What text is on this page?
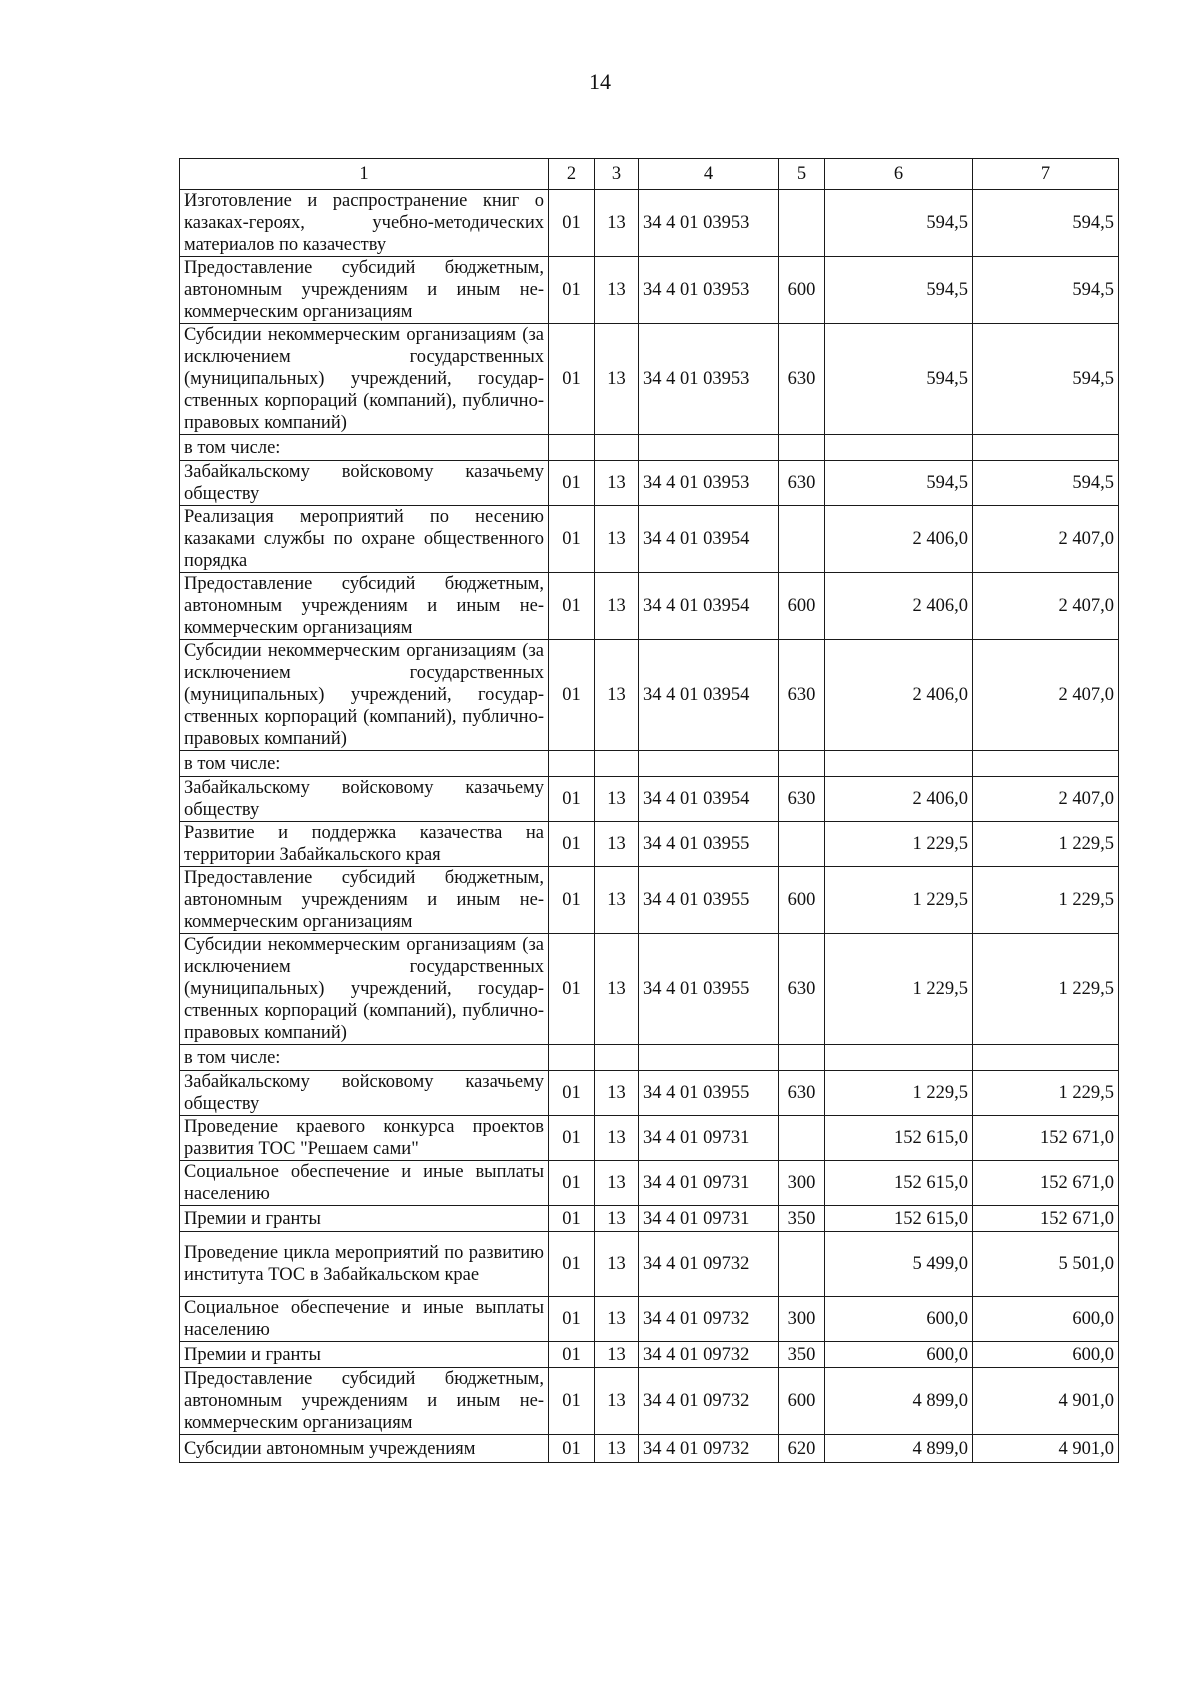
14
1	2	3	4	5	6	7
Изготовление и распространение книг о казаках-героях, учебно-методических материалов по казачеству	01	13	34 4 01 03953		594,5	594,5
Предоставление субсидий бюджетным, автономным учреждениям и иным некоммерческим организациям	01	13	34 4 01 03953	600	594,5	594,5
Субсидии некоммерческим организациям (за исключением государственных (муниципальных) учреждений, государственных корпораций (компаний), публично-правовых компаний)	01	13	34 4 01 03953	630	594,5	594,5
в том числе:						
Забайкальскому войсковому казачьему обществу	01	13	34 4 01 03953	630	594,5	594,5
Реализация мероприятий по несению казаками службы по охране общественного порядка	01	13	34 4 01 03954		2 406,0	2 407,0
Предоставление субсидий бюджетным, автономным учреждениям и иным некоммерческим организациям	01	13	34 4 01 03954	600	2 406,0	2 407,0
Субсидии некоммерческим организациям (за исключением государственных (муниципальных) учреждений, государственных корпораций (компаний), публично-правовых компаний)	01	13	34 4 01 03954	630	2 406,0	2 407,0
в том числе:						
Забайкальскому войсковому казачьему обществу	01	13	34 4 01 03954	630	2 406,0	2 407,0
Развитие и поддержка казачества на территории Забайкальского края	01	13	34 4 01 03955		1 229,5	1 229,5
Предоставление субсидий бюджетным, автономным учреждениям и иным некоммерческим организациям	01	13	34 4 01 03955	600	1 229,5	1 229,5
Субсидии некоммерческим организациям (за исключением государственных (муниципальных) учреждений, государственных корпораций (компаний), публично-правовых компаний)	01	13	34 4 01 03955	630	1 229,5	1 229,5
в том числе:						
Забайкальскому войсковому казачьему обществу	01	13	34 4 01 03955	630	1 229,5	1 229,5
Проведение краевого конкурса проектов развития ТОС "Решаем сами"	01	13	34 4 01 09731		152 615,0	152 671,0
Социальное обеспечение и иные выплаты населению	01	13	34 4 01 09731	300	152 615,0	152 671,0
Премии и гранты	01	13	34 4 01 09731	350	152 615,0	152 671,0
Проведение цикла мероприятий по развитию института ТОС в Забайкальском крае	01	13	34 4 01 09732		5 499,0	5 501,0
Социальное обеспечение и иные выплаты населению	01	13	34 4 01 09732	300	600,0	600,0
Премии и гранты	01	13	34 4 01 09732	350	600,0	600,0
Предоставление субсидий бюджетным, автономным учреждениям и иным некоммерческим организациям	01	13	34 4 01 09732	600	4 899,0	4 901,0
Субсидии автономным учреждениям	01	13	34 4 01 09732	620	4 899,0	4 901,0
